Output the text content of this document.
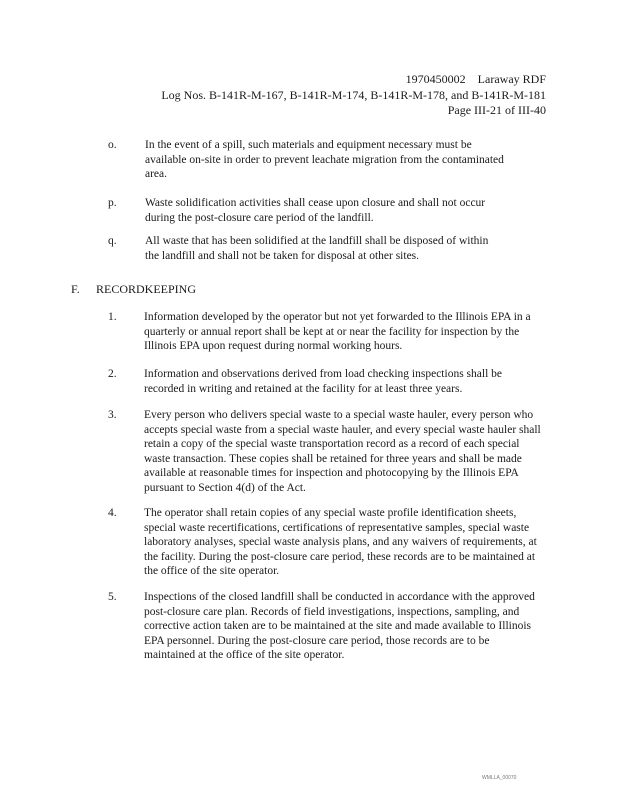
1970450002    Laraway RDF
Log Nos. B-141R-M-167, B-141R-M-174, B-141R-M-178, and B-141R-M-181
Page III-21 of III-40
o. In the event of a spill, such materials and equipment necessary must be available on-site in order to prevent leachate migration from the contaminated area.
p. Waste solidification activities shall cease upon closure and shall not occur during the post-closure care period of the landfill.
q. All waste that has been solidified at the landfill shall be disposed of within the landfill and shall not be taken for disposal at other sites.
F. RECORDKEEPING
1. Information developed by the operator but not yet forwarded to the Illinois EPA in a quarterly or annual report shall be kept at or near the facility for inspection by the Illinois EPA upon request during normal working hours.
2. Information and observations derived from load checking inspections shall be recorded in writing and retained at the facility for at least three years.
3. Every person who delivers special waste to a special waste hauler, every person who accepts special waste from a special waste hauler, and every special waste hauler shall retain a copy of the special waste transportation record as a record of each special waste transaction. These copies shall be retained for three years and shall be made available at reasonable times for inspection and photocopying by the Illinois EPA pursuant to Section 4(d) of the Act.
4. The operator shall retain copies of any special waste profile identification sheets, special waste recertifications, certifications of representative samples, special waste laboratory analyses, special waste analysis plans, and any waivers of requirements, at the facility. During the post-closure care period, these records are to be maintained at the office of the site operator.
5. Inspections of the closed landfill shall be conducted in accordance with the approved post-closure care plan. Records of field investigations, inspections, sampling, and corrective action taken are to be maintained at the site and made available to Illinois EPA personnel. During the post-closure care period, those records are to be maintained at the office of the site operator.
WMLLA_00070
